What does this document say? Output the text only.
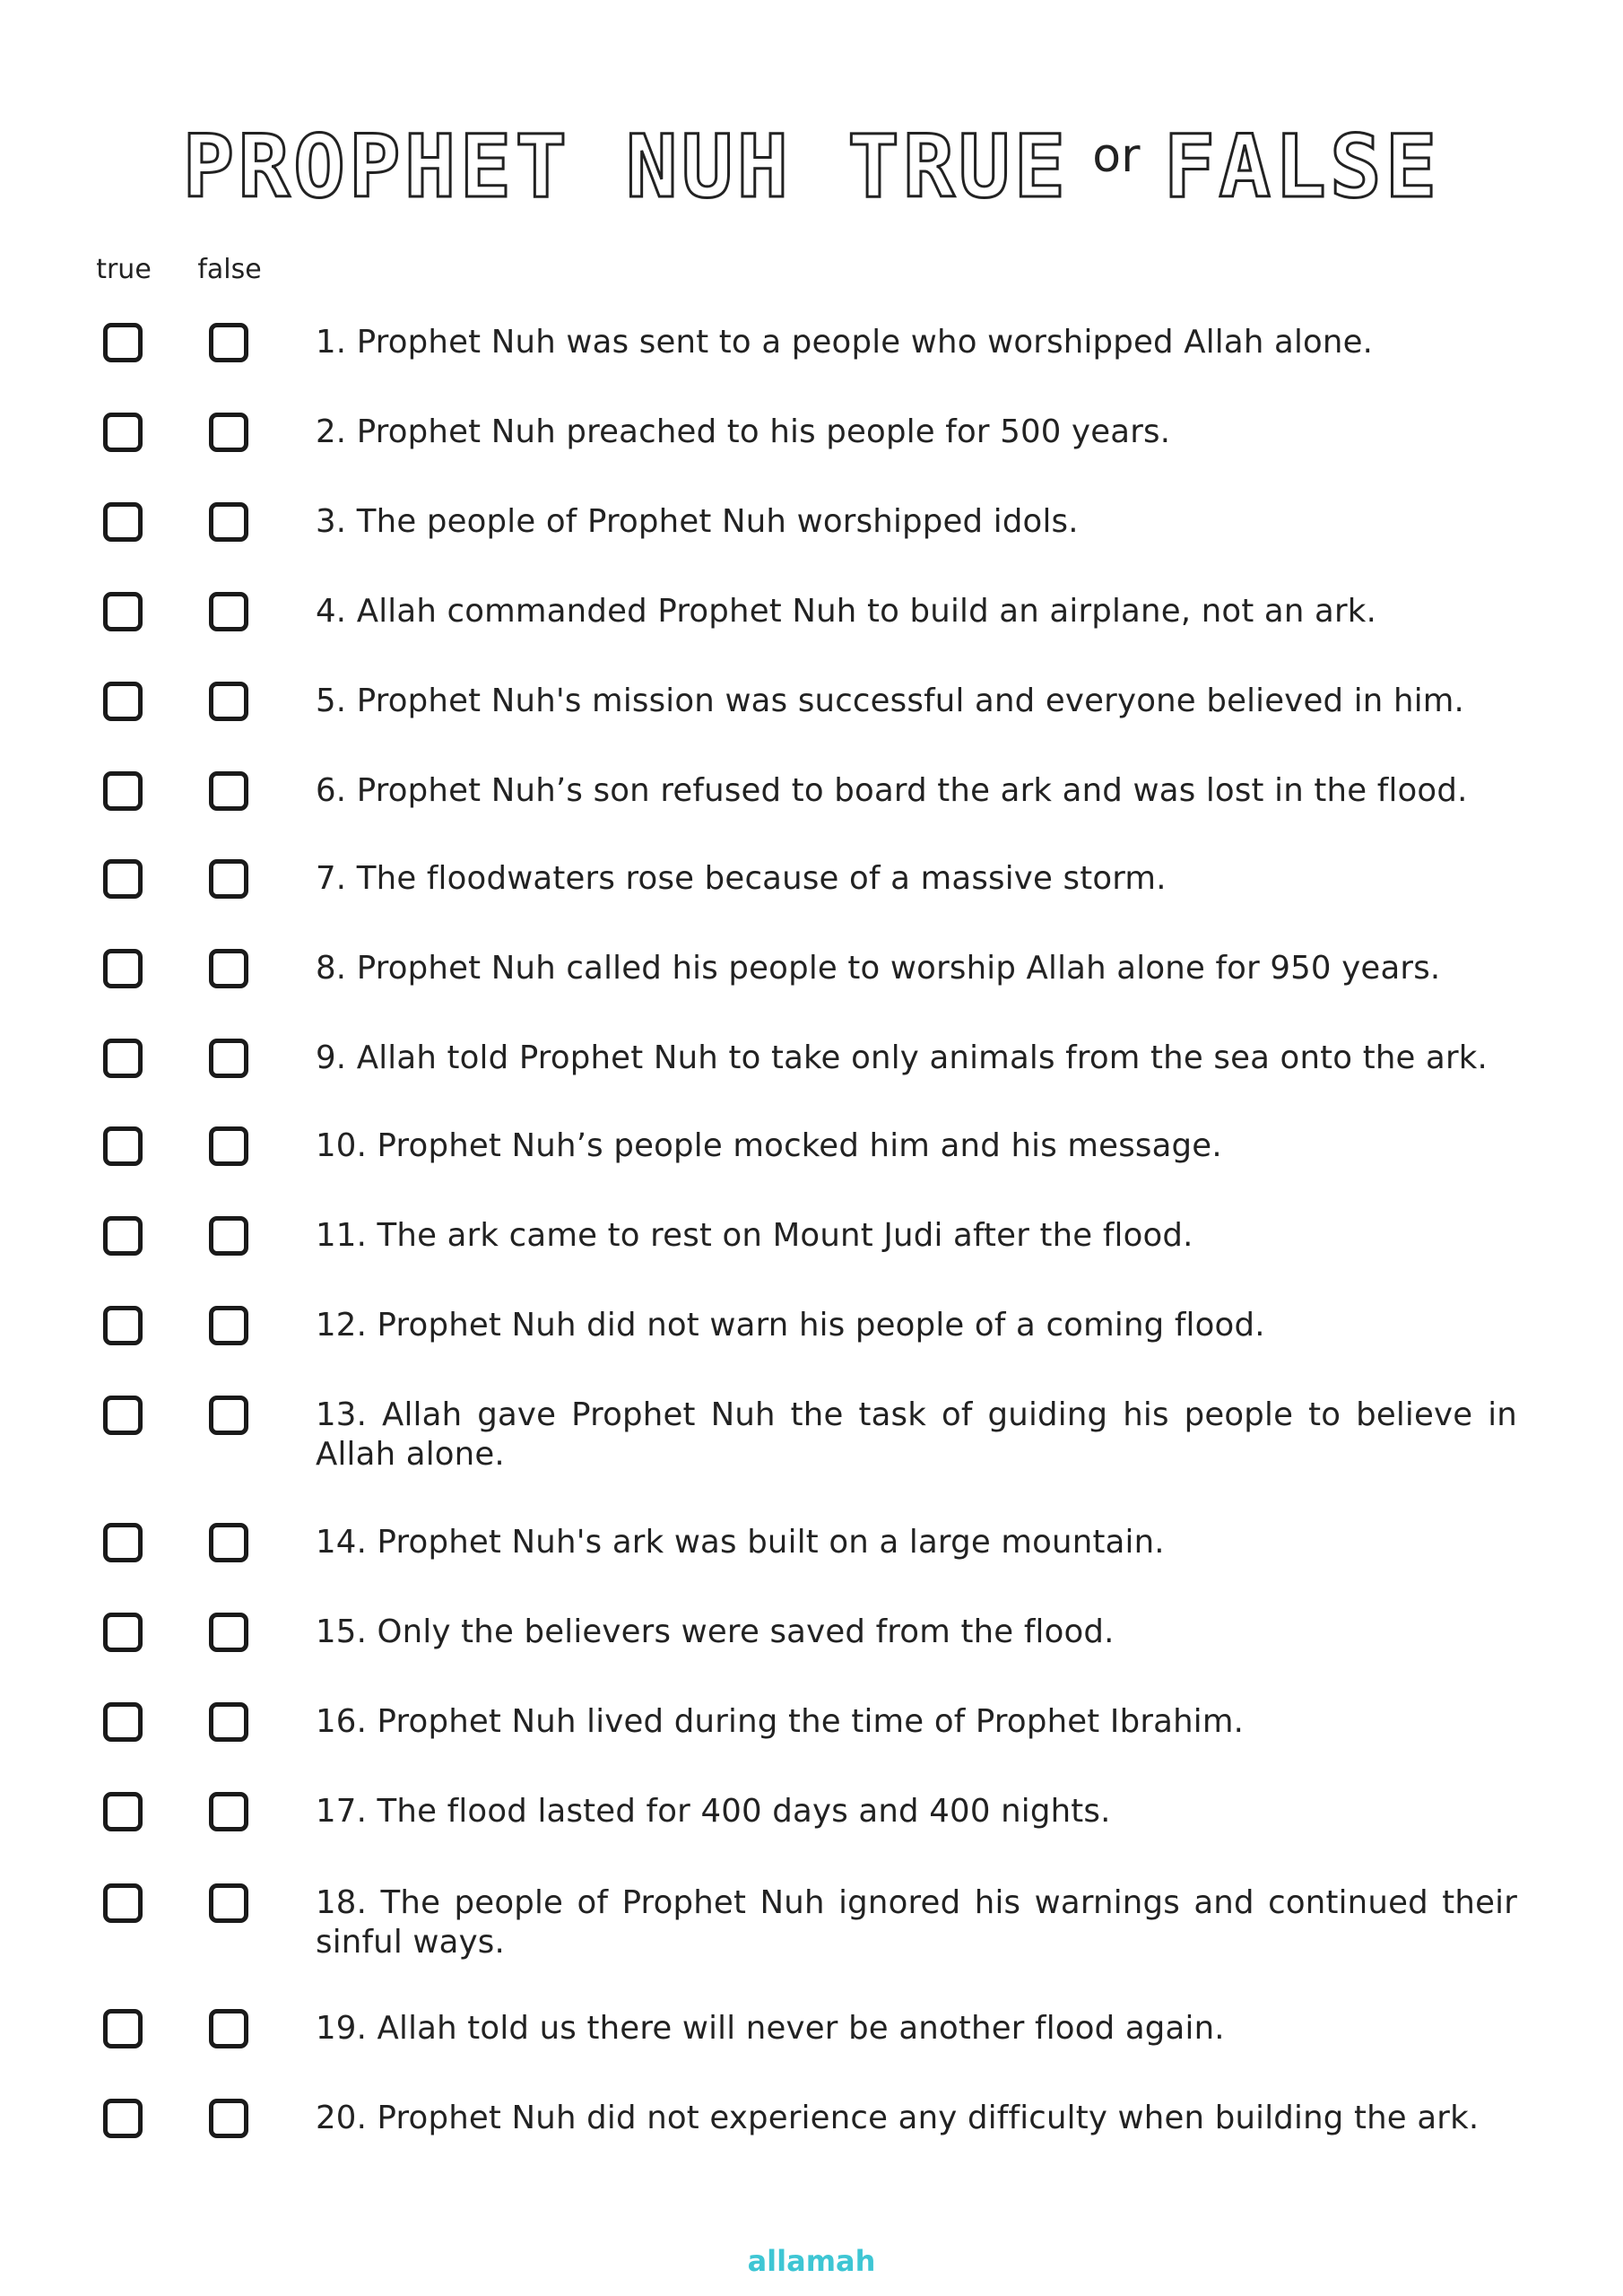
PROPHET NUH TRUE or FALSE
true	false
1. Prophet Nuh was sent to a people who worshipped Allah alone.
2. Prophet Nuh preached to his people for 500 years.
3. The people of Prophet Nuh worshipped idols.
4. Allah commanded Prophet Nuh to build an airplane, not an ark.
5. Prophet Nuh's mission was successful and everyone believed in him.
6. Prophet Nuh’s son refused to board the ark and was lost in the flood.
7. The floodwaters rose because of a massive storm.
8. Prophet Nuh called his people to worship Allah alone for 950 years.
9. Allah told Prophet Nuh to take only animals from the sea onto the ark.
10. Prophet Nuh’s people mocked him and his message.
11. The ark came to rest on Mount Judi after the flood.
12. Prophet Nuh did not warn his people of a coming flood.
13. Allah gave Prophet Nuh the task of guiding his people to believe in Allah alone.
14. Prophet Nuh's ark was built on a large mountain.
15. Only the believers were saved from the flood.
16. Prophet Nuh lived during the time of Prophet Ibrahim.
17. The flood lasted for 400 days and 400 nights.
18. The people of Prophet Nuh ignored his warnings and continued their sinful ways.
19. Allah told us there will never be another flood again.
20. Prophet Nuh did not experience any difficulty when building the ark.
allamah
